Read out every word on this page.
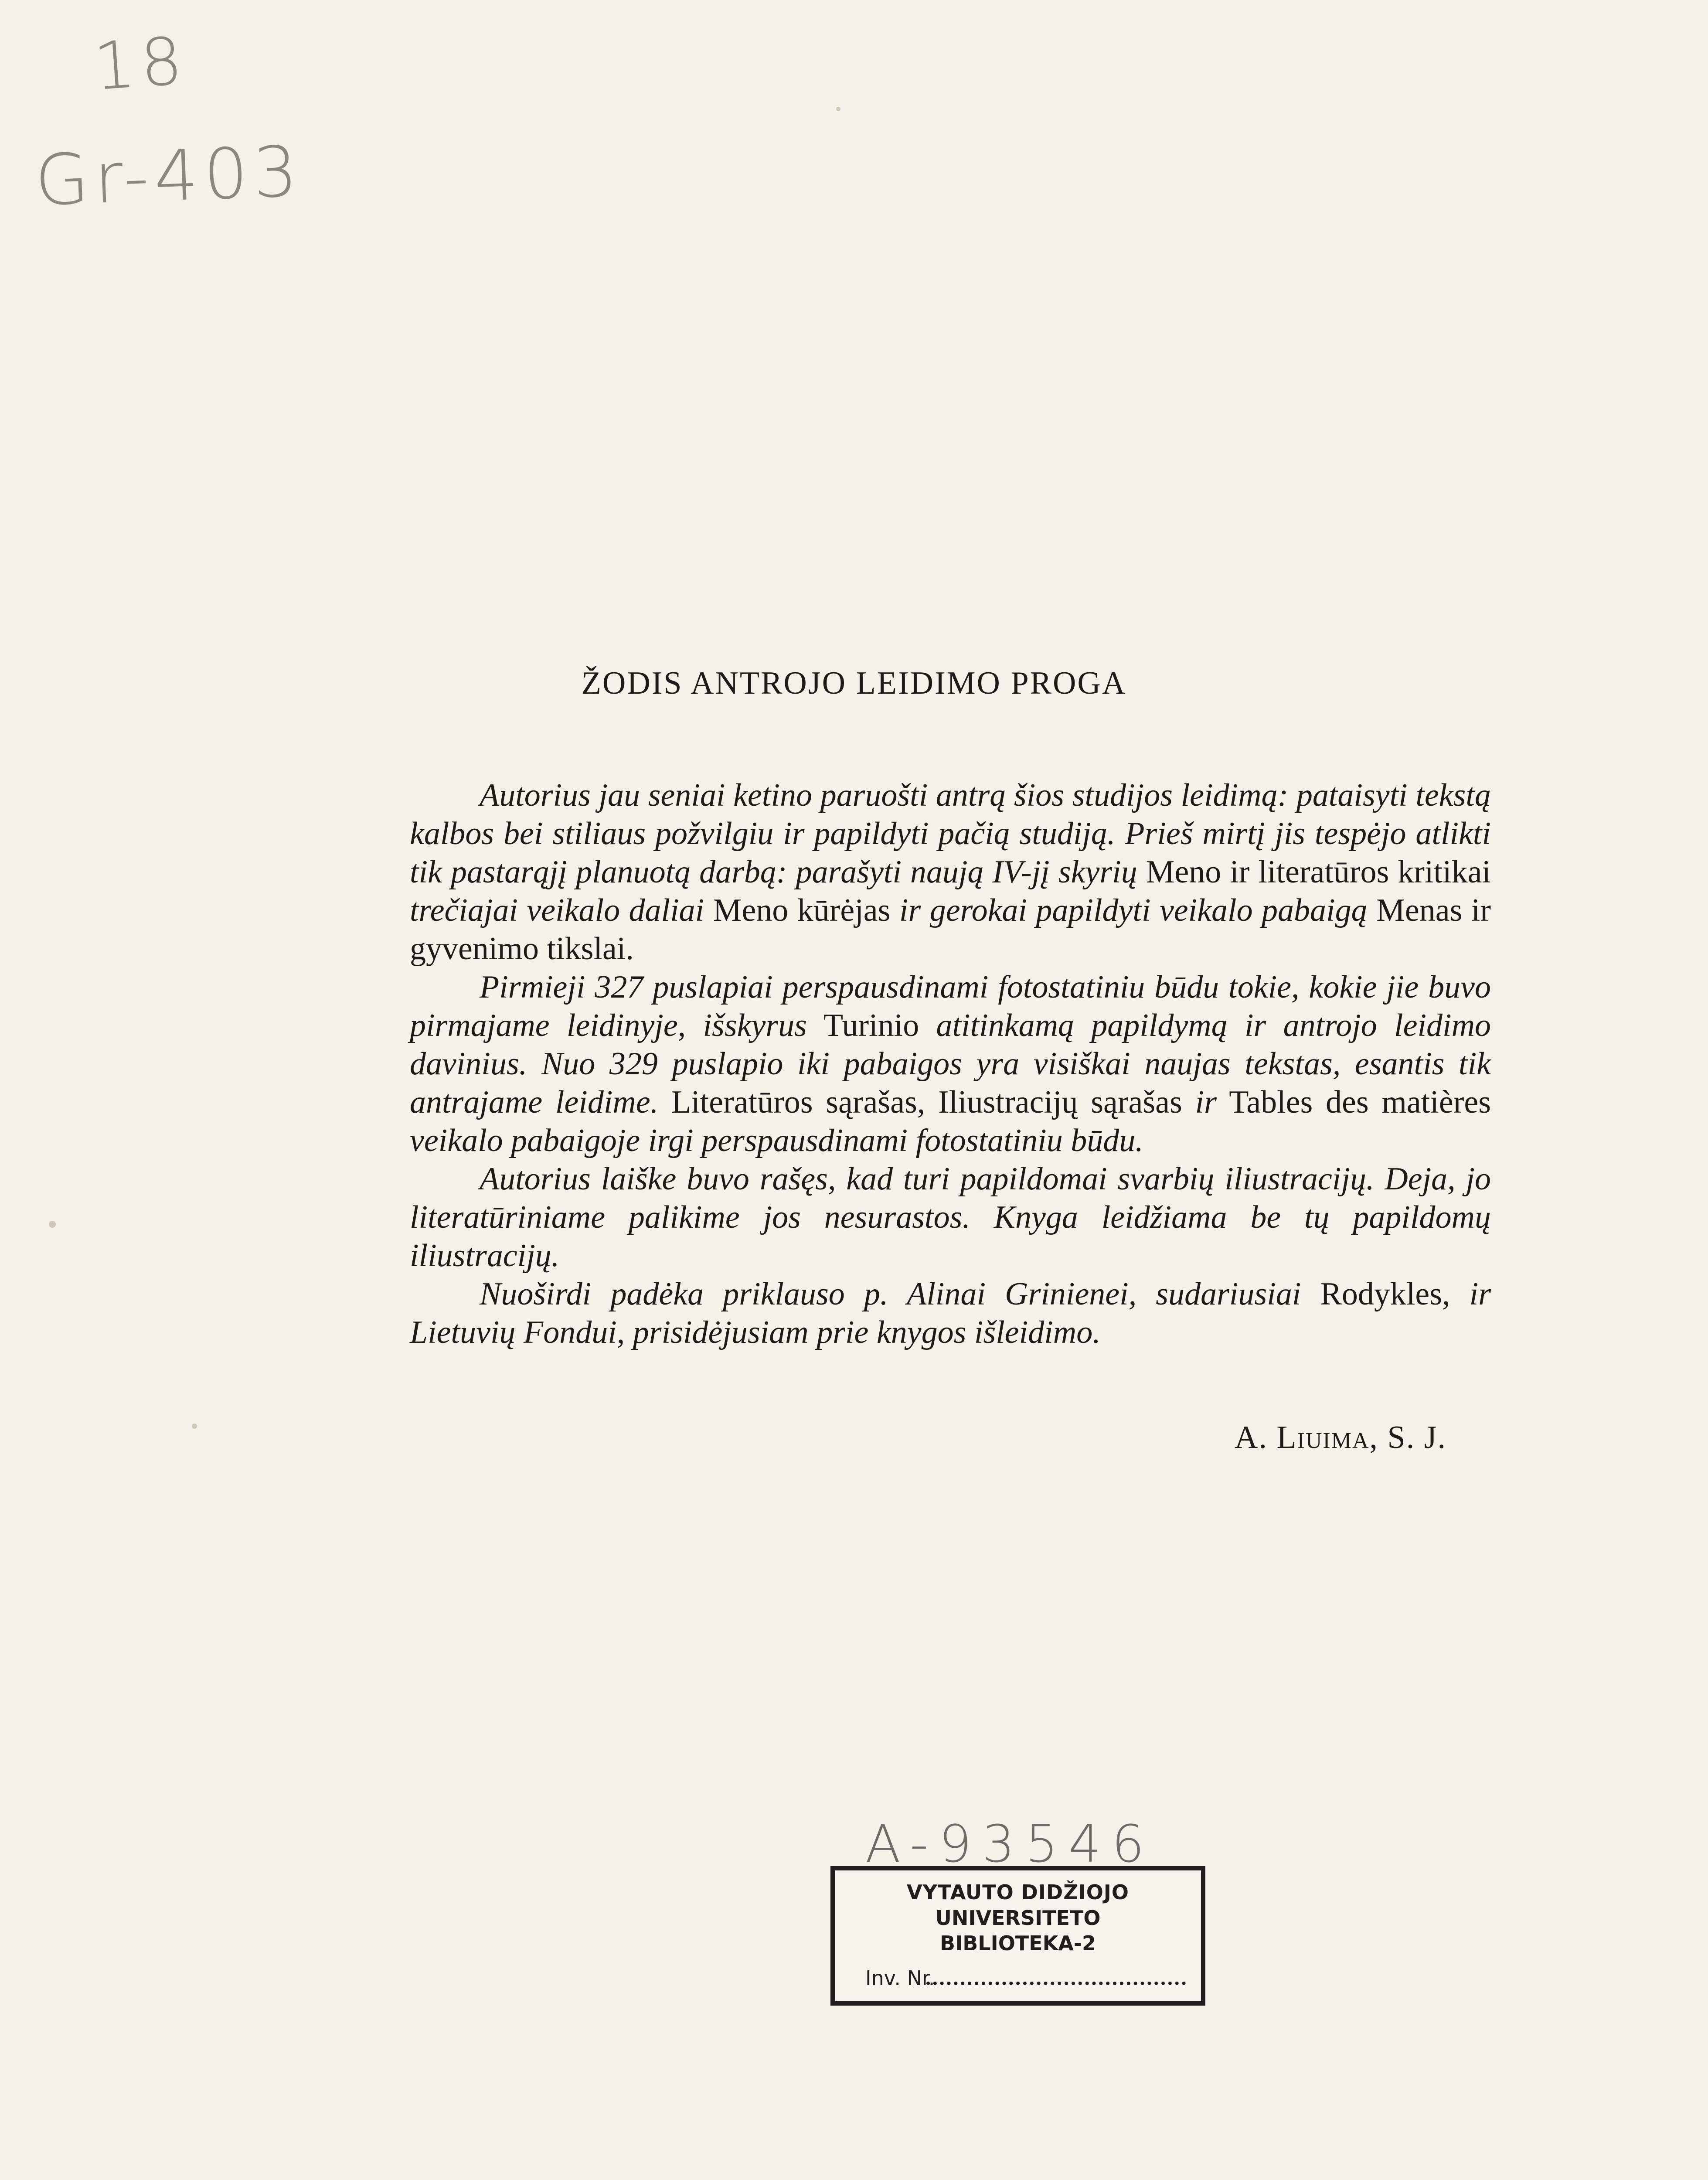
18
Gr-403
ŽODIS ANTROJO LEIDIMO PROGA

Autorius jau seniai ketino paruošti antrą šios studijos leidimą: pataisyti tekstą kalbos bei stiliaus požvilgiu ir papildyti pačią studiją. Prieš mirtį jis tespėjo atlikti tik pastarąjį planuotą darbą: parašyti naują IV-jį skyrių Meno ir literatūros kritikai trečiajai veikalo daliai Meno kūrėjas ir gerokai papildyti veikalo pabaigą Menas ir gyvenimo tikslai.

Pirmieji 327 puslapiai perspausdinami fotostatiniu būdu tokie, kokie jie buvo pirmajame leidinyje, išskyrus Turinio atitinkamą papildymą ir antrojo leidimo davinius. Nuo 329 puslapio iki pabaigos yra visiškai naujas tekstas, esantis tik antrajame leidime. Literatūros sąrašas, Iliustracijų sąrašas ir Tables des matières veikalo pabaigoje irgi perspausdinami fotostatiniu būdu.

Autorius laiške buvo rašęs, kad turi papildomai svarbių iliustracijų. Deja, jo literatūriniame palikime jos nesurastos. Knyga leidžiama be tų papildomų iliustracijų.

Nuoširdi padėka priklauso p. Alinai Grinienei, sudariusiai Rodykles, ir Lietuvių Fondui, prisidėjusiam prie knygos išleidimo.

A. Liuima, S. J.
A-93546
VYTAUTO DIDŽIOJO
UNIVERSITETO
BIBLIOTEKA-2
Inv. Nr.
